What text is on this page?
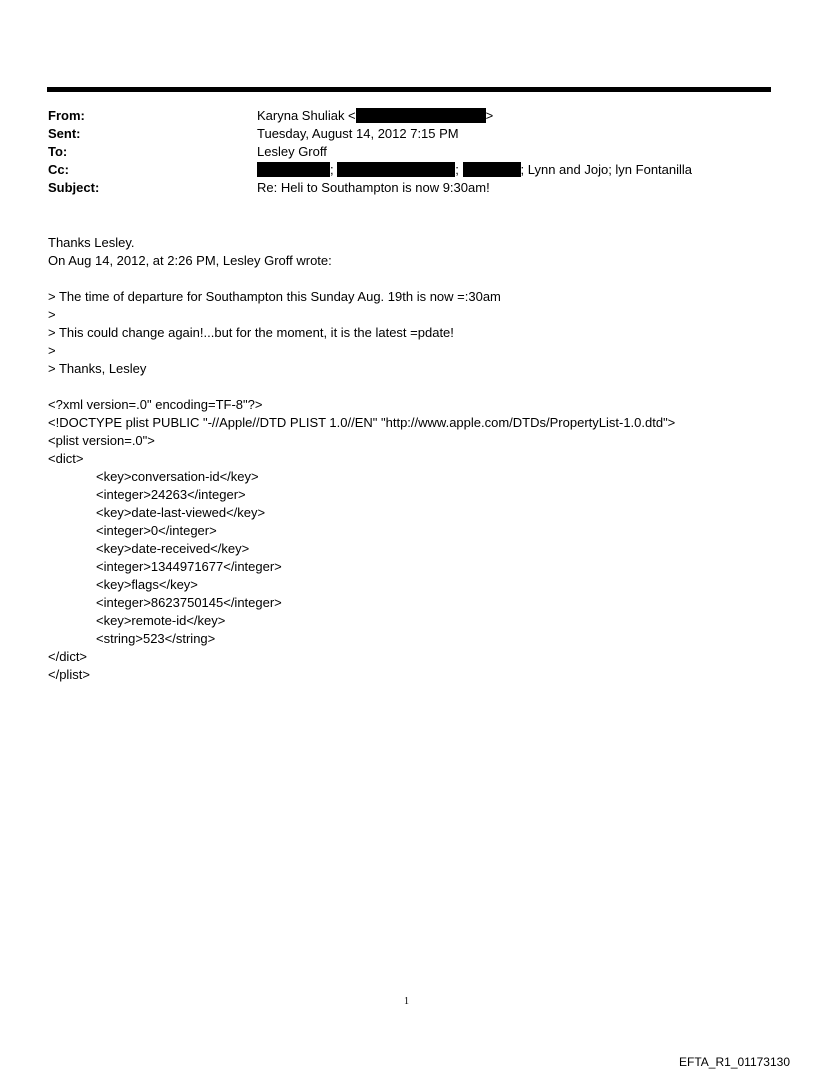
From:	Karyna Shuliak <	>
Sent:	Tuesday, August 14, 2012 7:15 PM
To:	Lesley Groff
Cc:	;	;	; Lynn and Jojo; lyn Fontanilla
Subject:	Re: Heli to Southampton is now 9:30am!
Thanks Lesley.
On Aug 14, 2012, at 2:26 PM, Lesley Groff wrote:
> The time of departure for Southampton this Sunday Aug. 19th is now =:30am
>
> This could change again!...but for the moment, it is the latest =pdate!
>
> Thanks, Lesley
<?xml version=.0" encoding=TF-8"?>
<!DOCTYPE plist PUBLIC "-//Apple//DTD PLIST 1.0//EN" "http://www.apple.com/DTDs/PropertyList-1.0.dtd">
<plist version=.0">
<dict>
<key>conversation-id</key>
<integer>24263</integer>
<key>date-last-viewed</key>
<integer>0</integer>
<key>date-received</key>
<integer>1344971677</integer>
<key>flags</key>
<integer>8623750145</integer>
<key>remote-id</key>
<string>523</string>
</dict>
</plist>
1
EFTA_R1_01173130
